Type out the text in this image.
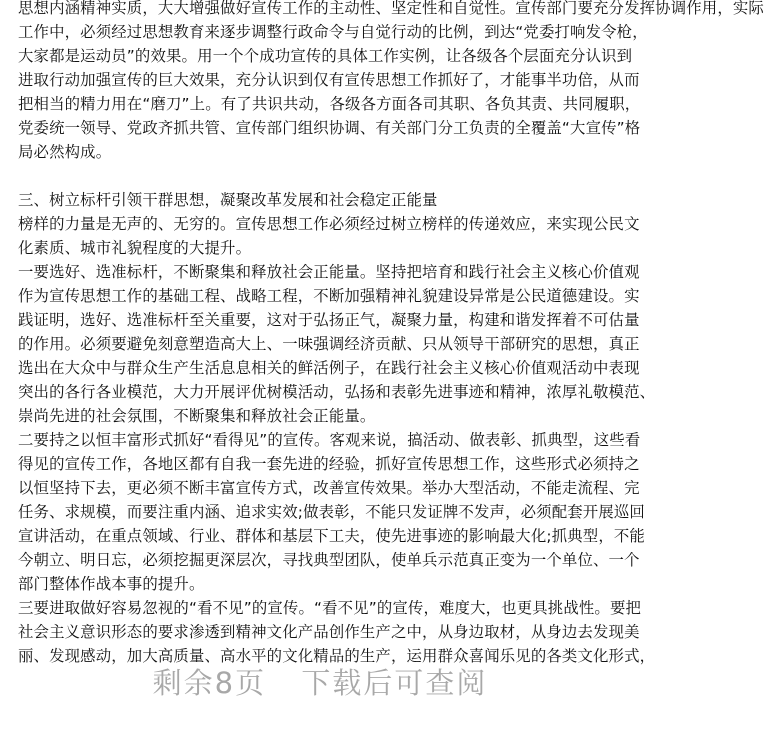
思想内涵精神实质，大大增强做好宣传工作的主动性、坚定性和自觉性。宣传部门要充分发挥协调作用，实际
工作中，必须经过思想教育来逐步调整行政命令与自觉行动的比例，到达“党委打响发令枪，
大家都是运动员”的效果。用一个个成功宣传的具体工作实例，让各级各个层面充分认识到
进取行动加强宣传的巨大效果，充分认识到仅有宣传思想工作抓好了，才能事半功倍，从而
把相当的精力用在“磨刀”上。有了共识共动，各级各方面各司其职、各负其责、共同履职，
党委统一领导、党政齐抓共管、宣传部门组织协调、有关部门分工负责的全覆盖“大宣传”格
局必然构成。
三、树立标杆引领干群思想，凝聚改革发展和社会稳定正能量
榜样的力量是无声的、无穷的。宣传思想工作必须经过树立榜样的传递效应，来实现公民文
化素质、城市礼貌程度的大提升。
一要选好、选准标杆，不断聚集和释放社会正能量。坚持把培育和践行社会主义核心价值观
作为宣传思想工作的基础工程、战略工程，不断加强精神礼貌建设异常是公民道德建设。实
践证明，选好、选准标杆至关重要，这对于弘扬正气，凝聚力量，构建和谐发挥着不可估量
的作用。必须要避免刻意塑造高大上、一味强调经济贡献、只从领导干部研究的思想，真正
选出在大众中与群众生产生活息息相关的鲜活例子，在践行社会主义核心价值观活动中表现
突出的各行各业模范，大力开展评优树模活动，弘扬和表彰先进事迹和精神，浓厚礼敬模范、
崇尚先进的社会氛围，不断聚集和释放社会正能量。
二要持之以恒丰富形式抓好“看得见”的宣传。客观来说，搞活动、做表彰、抓典型，这些看
得见的宣传工作，各地区都有自我一套先进的经验，抓好宣传思想工作，这些形式必须持之
以恒坚持下去，更必须不断丰富宣传方式，改善宣传效果。举办大型活动，不能走流程、完
任务、求规模，而要注重内涵、追求实效;做表彰，不能只发证牌不发声，必须配套开展巡回
宣讲活动，在重点领域、行业、群体和基层下工夫，使先进事迹的影响最大化;抓典型，不能
今朝立、明日忘，必须挖掘更深层次，寻找典型团队，使单兵示范真正变为一个单位、一个
部门整体作战本事的提升。
三要进取做好容易忽视的“看不见”的宣传。“看不见”的宣传，难度大，也更具挑战性。要把
社会主义意识形态的要求渗透到精神文化产品创作生产之中，从身边取材，从身边去发现美
丽、发现感动，加大高质量、高水平的文化精品的生产，运用群众喜闻乐见的各类文化形式，
剩余8页 下载后可查阅
